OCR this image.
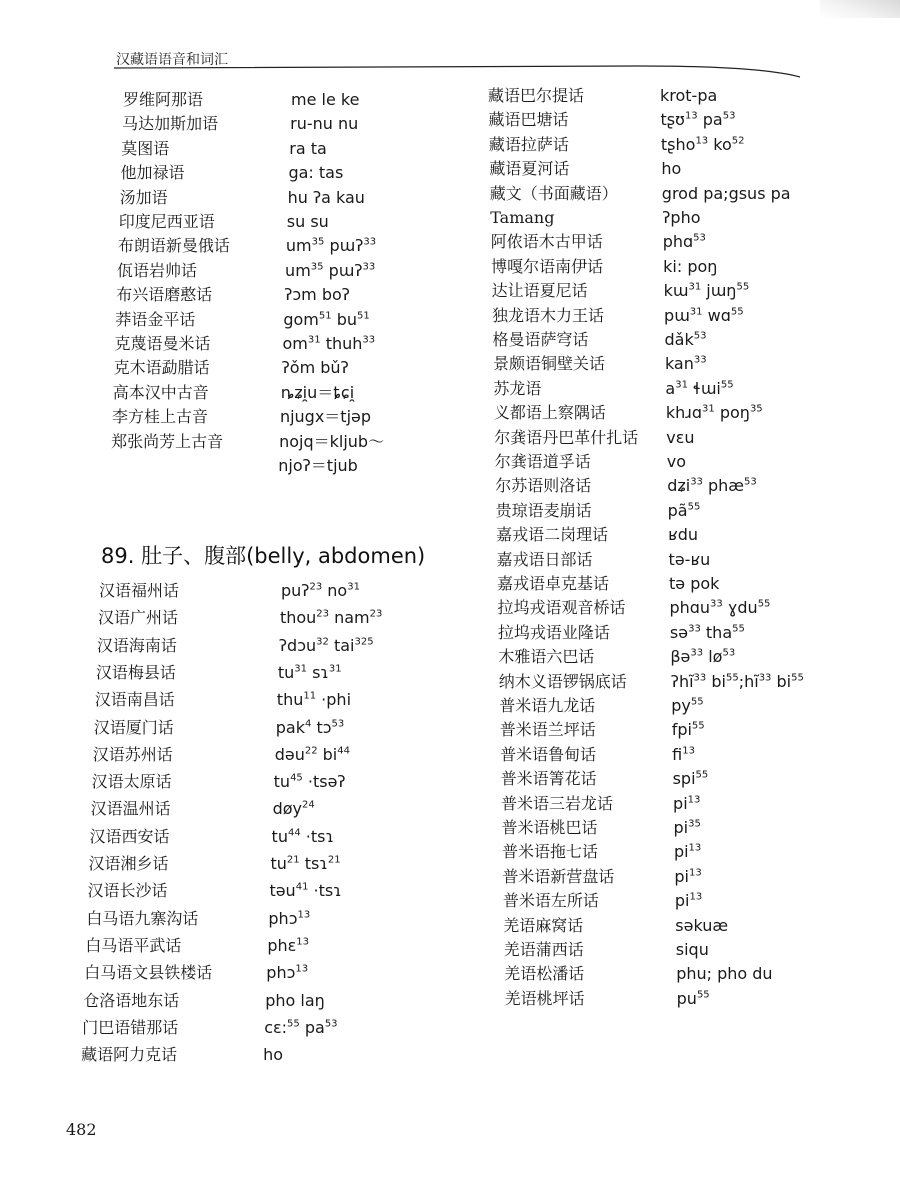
汉藏语语音和词汇
89. 肚子、腹部(belly, abdomen)
482
罗维阿那语	me le ke
马达加斯加语	ru-nu nu
莫图语	ra ta
他加禄语	ga: tas
汤加语	hu ʔa kau
印度尼西亚语	su su
布朗语新曼俄话	$um^{35}$ pɯʔ$^{33}$
佤语岩帅话	$um^{35}$ pɯʔ$^{33}$
布兴语磨憨话	ʔɔm boʔ
莽语金平话	gom$^{51}$ $bu^{51}$
克蔑语曼米话	$om^{31}$ thuh$^{33}$
克木语勐腊话	ʔǒm bǔʔ
高本汉中古音	ȵʑi̯u＝ȶɕi̯
李方桂上古音	njugx＝tjəp
郑张尚芳上古音	nojq＝kljub～
njoʔ＝tjub
汉语福州话	puʔ$^{23}$ $no^{31}$
汉语广州话	thou$^{23}$ nam$^{23}$
汉语海南话	ʔdɔu$^{32}$ tai$^{325}$
汉语梅县话	$tu^{31}$ sɿ$^{31}$
汉语南昌话	thu$^{11}$ ·phi
汉语厦门话	pak$^4$ tɔ$^{53}$
汉语苏州话	dəu$^{22}$ $bi^{44}$
汉语太原话	$tu^{45}$ ·tsəʔ
汉语温州话	døy$^{24}$
汉语西安话	$tu^{44}$ ·tsɿ
汉语湘乡话	$tu^{21}$ tsɿ$^{21}$
汉语长沙话	təu$^{41}$ ·tsɿ
白马语九寨沟话	phɔ$^{13}$
白马语平武话	phɛ$^{13}$
白马语文县铁楼话	phɔ$^{13}$
仓洛语地东话	pho laŋ
门巴语错那话	cɛ:$^{55}$ $pa^{53}$
藏语阿力克话	ho
藏语巴尔提话	krot-pa
藏语巴塘话	tʂʊ$^{13}$ $pa^{53}$
藏语拉萨话	tʂho$^{13}$ $ko^{52}$
藏语夏河话	ho
藏文（书面藏语）	grod pa;gsus pa
Tamang	ʔpho
阿侬语木古甲话	phɑ$^{53}$
博嘎尔语南伊话	ki: poŋ
达让语夏尼话	kɯ$^{31}$ jɯŋ$^{55}$
独龙语木力王话	pɯ$^{31}$ wɑ$^{55}$
格曼语萨穹话	dǎk$^{53}$
景颇语铜壁关话	kan$^{33}$
苏龙语	$a^{31}$ ɬɯi$^{55}$
义都语上察隅话	khɹɑ$^{31}$ poŋ$^{35}$
尔龚语丹巴革什扎话 vɛu
尔龚语道孚话	vo
尔苏语则洛话	dʑi$^{33}$ phæ$^{53}$
贵琼语麦崩话	$pã^{55}$
嘉戎语二岗理话	ʁdu
嘉戎语日部话	tə-ʁu
嘉戎语卓克基话	tə pok
拉坞戎语观音桥话	phɑu$^{33}$ ɣdu$^{55}$
拉坞戎语业隆话	sə$^{33}$ tha$^{55}$
木雅语六巴话	βə$^{33}$ $lø^{53}$
纳木义语锣锅底话	ʔhĩ$^{33}$ $bi^{55};hĩ^{33}$ $bi^{55}$
普米语九龙话	$py^{55}$
普米语兰坪话	fpi$^{55}$
普米语鲁甸话	$fi^{13}$
普米语箐花话	spi$^{55}$
普米语三岩龙话	$pi^{13}$
普米语桃巴话	$pi^{35}$
普米语拖七话	$pi^{13}$
普米语新营盘话	$pi^{13}$
普米语左所话	$pi^{13}$
羌语麻窝话	səkuæ
羌语蒲西话	siqu
羌语松潘话	phu; pho du
羌语桃坪话	$pu^{55}$
